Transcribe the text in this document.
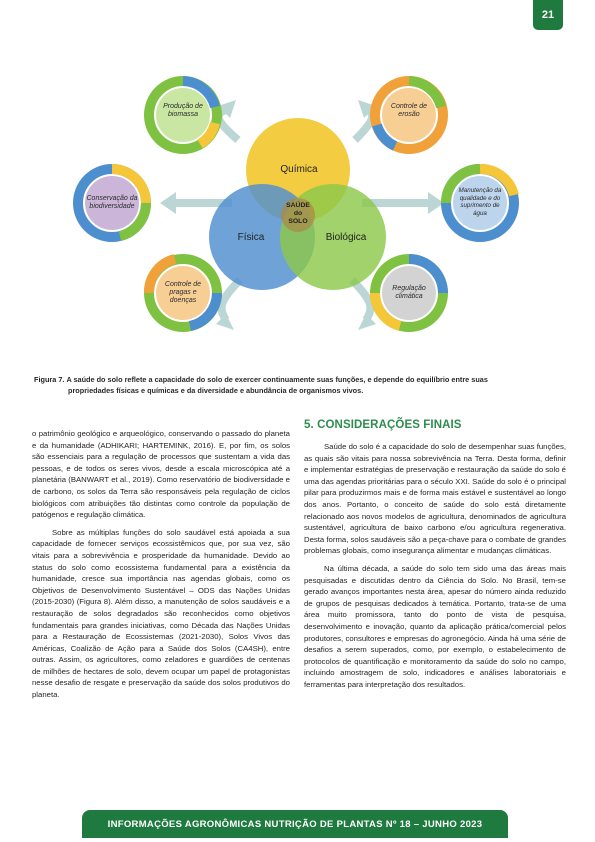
21
Química
Física	Biológica
SAÚDE
do
SOLO
Produção de
biomassa
Controle de
erosão
Conservação da
biodiversidade
Manutenção da
qualidade e do
suprimento de
água
Controle de
pragas e
doenças
Regulação
climática
Figura 7. A saúde do solo reflete a capacidade do solo de exercer continuamente suas funções, e depende do equilíbrio entre suas
propriedades físicas e químicas e da diversidade e abundância de organismos vivos.

o patrimônio geológico e arqueológico, conservando o passado do planeta e da humanidade (ADHIKARI; HARTEMINK, 2016). E, por fim, os solos são essenciais para a regulação de processos que sustentam a vida das pessoas, e de todos os seres vivos, desde a escala microscópica até a planetária (BANWART et al., 2019). Como reservatório de biodiversidade e de carbono, os solos da Terra são responsáveis pela regulação de ciclos biológicos com atribuições tão distintas como controle da população de patógenos e regulação climática.

Sobre as múltiplas funções do solo saudável está apoiada a sua capacidade de fornecer serviços ecossistêmicos que, por sua vez, são vitais para a sobrevivência e prosperidade da humanidade. Devido ao status do solo como ecossistema fundamental para a existência da humanidade, cresce sua importância nas agendas globais, como os Objetivos de Desenvolvimento Sustentável – ODS das Nações Unidas (2015-2030) (Figura 8). Além disso, a manutenção de solos saudáveis e a restauração de solos degradados são reconhecidos como objetivos fundamentais para grandes iniciativas, como Década das Nações Unidas para a Restauração de Ecossistemas (2021-2030), Solos Vivos das Américas, Coalizão de Ação para a Saúde dos Solos (CA4SH), entre outras. Assim, os agricultores, como zeladores e guardiões de centenas de milhões de hectares de solo, devem ocupar um papel de protagonistas nesse desafio de resgate e preservação da saúde dos solos produtivos do planeta.

5. CONSIDERAÇÕES FINAIS

Saúde do solo é a capacidade do solo de desempenhar suas funções, as quais são vitais para nossa sobrevivência na Terra. Desta forma, definir e implementar estratégias de preservação e restauração da saúde do solo é uma das agendas prioritárias para o século XXI. Saúde do solo é o principal pilar para produzirmos mais e de forma mais estável e sustentável ao longo dos anos. Portanto, o conceito de saúde do solo está diretamente relacionado aos novos modelos de agricultura, denominados de agricultura sustentável, agricultura de baixo carbono e/ou agricultura regenerativa. Desta forma, solos saudáveis são a peça-chave para o combate de grandes problemas globais, como insegurança alimentar e mudanças climáticas.

Na última década, a saúde do solo tem sido uma das áreas mais pesquisadas e discutidas dentro da Ciência do Solo. No Brasil, tem-se gerado avanços importantes nesta área, apesar do número ainda reduzido de grupos de pesquisas dedicados à temática. Portanto, trata-se de uma área muito promissora, tanto do ponto de vista de pesquisa, desenvolvimento e inovação, quanto da aplicação prática/comercial pelos produtores, consultores e empresas do agronegócio. Ainda há uma série de desafios a serem superados, como, por exemplo, o estabelecimento de protocolos de quantificação e monitoramento da saúde do solo no campo, incluindo amostragem de solo, indicadores e análises laboratoriais e ferramentas para interpretação dos resultados.

INFORMAÇÕES AGRONÔMICAS NUTRIÇÃO DE PLANTAS Nº 18 – JUNHO 2023
